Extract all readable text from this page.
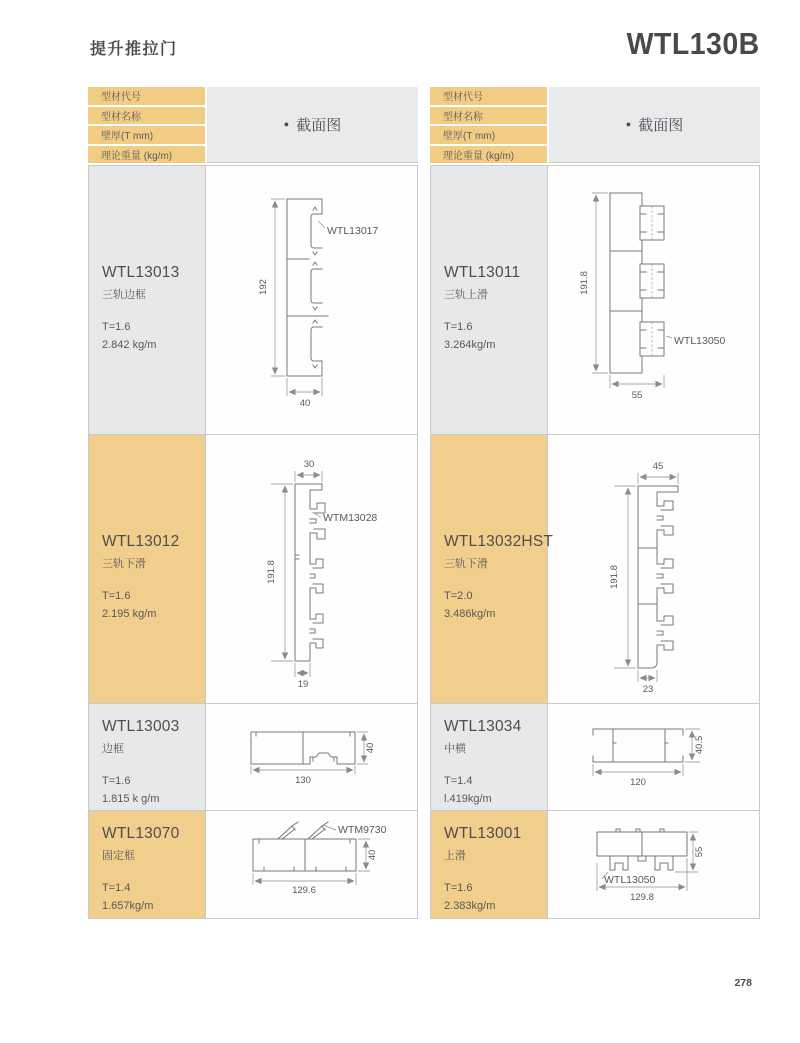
提升推拉门	WTL130B
型材代号
型材名称
壁厚(T mm)
理论重量 (kg/m)
● 截面图
WTL13013
三轨边框
T=1.6
2.842 kg/m
192
40
WTL13017
WTL13012
三轨下滑
T=1.6
2.195 kg/m
30
191.8
19
WTM13028
WTL13003
边框
T=1.6
1.815 k g/m
130
40
WTL13070
固定框
T=1.4
1.657kg/m
WTM9730
129.6
40
型材代号
型材名称
壁厚(T mm)
理论重量 (kg/m)
● 截面图
WTL13011
三轨上滑
T=1.6
3.264kg/m
191.8
55
WTL13050
WTL13032HST
三轨下滑
T=2.0
3.486kg/m
45
191.8
23
WTL13034
中横
T=1.4
l.419kg/m
120
40.5
WTL13001
上滑
T=1.6
2.383kg/m
WTL13050
129.8
55
278
